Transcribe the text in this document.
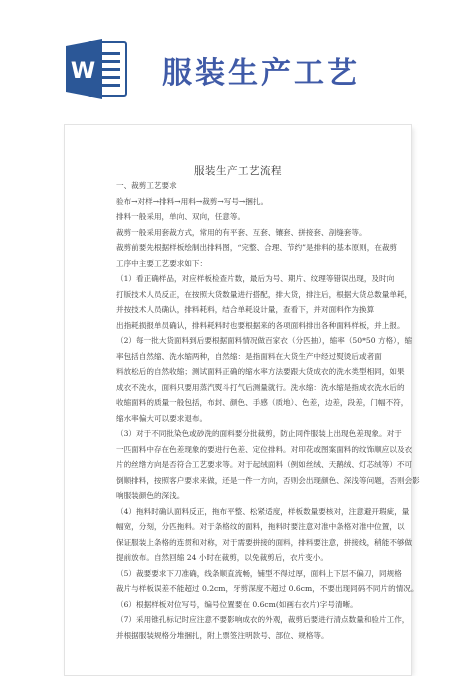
W 服装生产工艺
服装生产工艺流程
一、裁剪工艺要求
验布→对样→排料→用料→裁剪→写号→捆扎。
排料一般采用，单向、双向，任意等。
裁剪一般采用套裁方式，常用的有平套、互套、镶套、拼接套、剖缝套等。
裁剪前要先根据样板绘制出排料图，“完整、合理、节约”是排料的基本原则，在裁剪
工序中主要工艺要求如下：
（1）看正确样品，对应样板检查片数，最后为号、期片、纹理等错误出现，及时向
打版技术人员反正，在按照大货数量进行搭配，排大货，排注后，根据大货总数量单耗，
并按技术人员确认，排料耗料，结合单耗设计量，查看下，并对面料作为换算
出指耗损报单员确认，排料耗料时也要根据来的各项面料排出各种面料样板，并上报。
（2）每一批大货面料到后要根据面料情况做百家衣（分匹抽），缩率（50*50 方格），缩
率包括自然缩、洗水缩两种，自然缩：是指面料在大货生产中经过熨烫后或者面
料放松后的自然收缩；测试面料正确的缩水率方法要跟大货成衣的洗水类型相同，如果
成衣不洗水，面料只要用蒸汽熨斗打气后测量就行。洗水缩：洗水缩是指成衣洗水后的
收缩面料的质量一般包括，布封、颜色、手感（质地）、色差，边差，段差，门幅不符，
缩水率偏大可以要求退布。
（3）对于不同批染色或砂洗的面料要分批裁剪，防止同件服装上出现色差现象。对于
一匹面料中存在色差现象的要进行色差、定位排料。对印花或图案面料的纹饰顺应以及衣
片的丝绺方向是否符合工艺要求等。对于起绒面料（例如丝绒、天鹅绒、灯芯绒等）不可
倒顺排料，按照客户要求来做，还是一件一方向，否则会出现颜色、深浅等问题，否则会影
响服装颜色的深浅。
（4）拖料时确认面料反正，拖布平整、松紧适度，样板数量要核对，注意避开瑕疵，量
幅宽，分刻，分匹拖料。对于条格纹的面料，拖料时要注意对准中条格对准中位置，以
保证服装上条格的连贯和对称，对于需要拼接的面料，排料要注意，拼接线，稍能不够做
提前放布。自然回缩 24 小时在裁剪，以免裁剪后，衣片变小。
（5）裁要要求下刀准确，线条顺直流畅，铺型不得过厚，面料上下层不偏刀，同规格
裁片与样板误差不能超过 0.2cm，牙剪深度不超过 0.6cm，不要出现同码不同片的情况。
（6）根据样板对位写号，编号位置要在 0.6cm(如画右衣片)字号清晰。
（7）采用锥孔标记时应注意不要影响成衣的外观，裁剪后要进行清点数量和验片工作，
并根据服装规格分堆捆扎，附上票签注明款号、部位、规格等。
